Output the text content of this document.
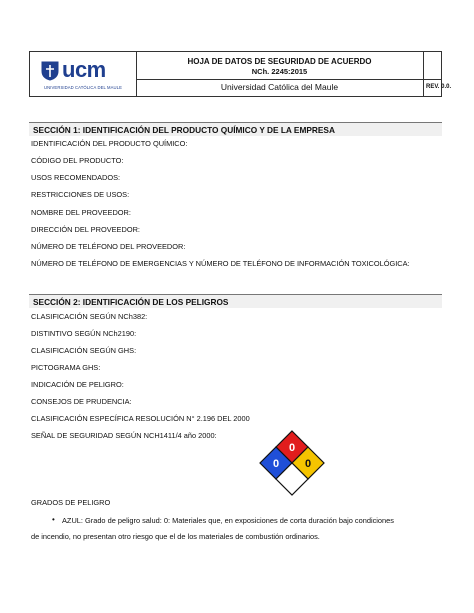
ucm
UNIVERSIDAD CATÓLICA DEL MAULE
HOJA DE DATOS DE SEGURIDAD DE ACUERDO
NCh. 2245:2015
Universidad Católica del Maule	REV. 0.0.
SECCIÓN 1: IDENTIFICACIÓN DEL PRODUCTO QUÍMICO Y DE LA EMPRESA
IDENTIFICACIÓN DEL PRODUCTO QUÍMICO:
CÓDIGO DEL PRODUCTO:
USOS RECOMENDADOS:
RESTRICCIONES DE USOS:
NOMBRE DEL PROVEEDOR:
DIRECCIÓN DEL PROVEEDOR:
NÚMERO DE TELÉFONO DEL PROVEEDOR:
NÚMERO DE TELÉFONO DE EMERGENCIAS Y NÚMERO DE TELÉFONO DE INFORMACIÓN TOXICOLÓGICA:
SECCIÓN 2: IDENTIFICACIÓN DE LOS PELIGROS
CLASIFICACIÓN SEGÚN NCh382:
DISTINTIVO SEGÚN NCh2190:
CLASIFICACIÓN SEGÚN GHS:
PICTOGRAMA GHS:
INDICACIÓN DE PELIGRO:
CONSEJOS DE PRUDENCIA:
CLASIFICACIÓN ESPECÍFICA RESOLUCIÓN N° 2.196 DEL 2000
SEÑAL DE SEGURIDAD SEGÚN NCH1411/4 año 2000:
0
0 0
GRADOS DE PELIGRO
• AZUL: Grado de peligro salud: 0: Materiales que, en exposiciones de corta duración bajo condiciones
de incendio, no presentan otro riesgo que el de los materiales de combustión ordinarios.
